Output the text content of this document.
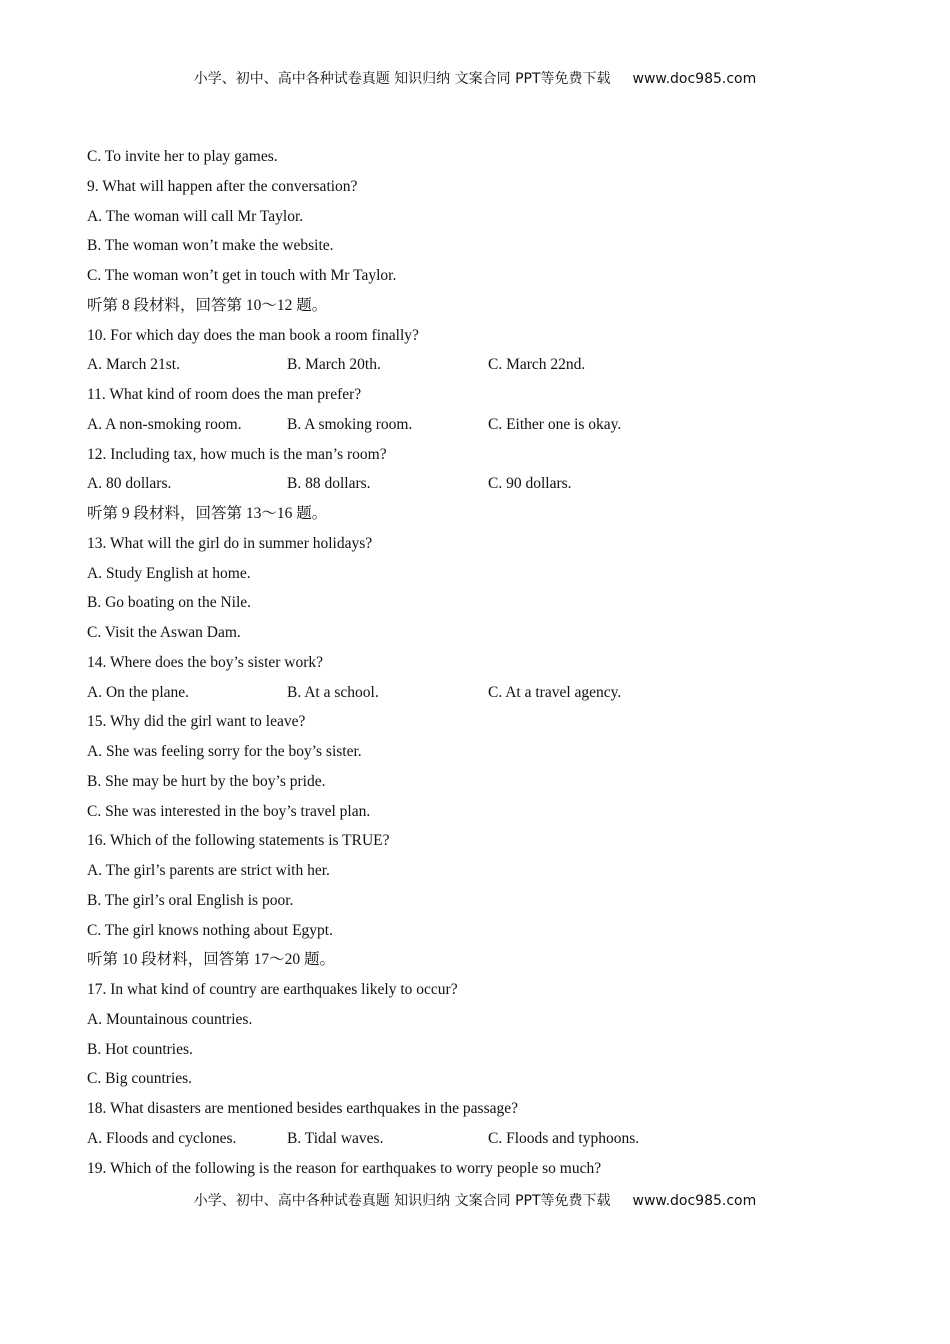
小学、初中、高中各种试卷真题 知识归纳 文案合同 PPT等免费下载 www.doc985.com
C. To invite her to play games.
9. What will happen after the conversation?
A. The woman will call Mr Taylor.
B. The woman won’t make the website.
C. The woman won’t get in touch with Mr Taylor.
听第 8 段材料，回答第 10～12 题。
10. For which day does the man book a room finally?
A. March 21st.	B. March 20th.	C. March 22nd.
11. What kind of room does the man prefer?
A. A non-smoking room.	B. A smoking room.	C. Either one is okay.
12. Including tax, how much is the man’s room?
A. 80 dollars.	B. 88 dollars.	C. 90 dollars.
听第 9 段材料，回答第 13～16 题。
13. What will the girl do in summer holidays?
A. Study English at home.
B. Go boating on the Nile.
C. Visit the Aswan Dam.
14. Where does the boy’s sister work?
A. On the plane.	B. At a school.	C. At a travel agency.
15. Why did the girl want to leave?
A. She was feeling sorry for the boy’s sister.
B. She may be hurt by the boy’s pride.
C. She was interested in the boy’s travel plan.
16. Which of the following statements is TRUE?
A. The girl’s parents are strict with her.
B. The girl’s oral English is poor.
C. The girl knows nothing about Egypt.
听第 10 段材料，回答第 17～20 题。
17. In what kind of country are earthquakes likely to occur?
A. Mountainous countries.
B. Hot countries.
C. Big countries.
18. What disasters are mentioned besides earthquakes in the passage?
A. Floods and cyclones.	B. Tidal waves.	C. Floods and typhoons.
19. Which of the following is the reason for earthquakes to worry people so much?
小学、初中、高中各种试卷真题 知识归纳 文案合同 PPT等免费下载 www.doc985.com
